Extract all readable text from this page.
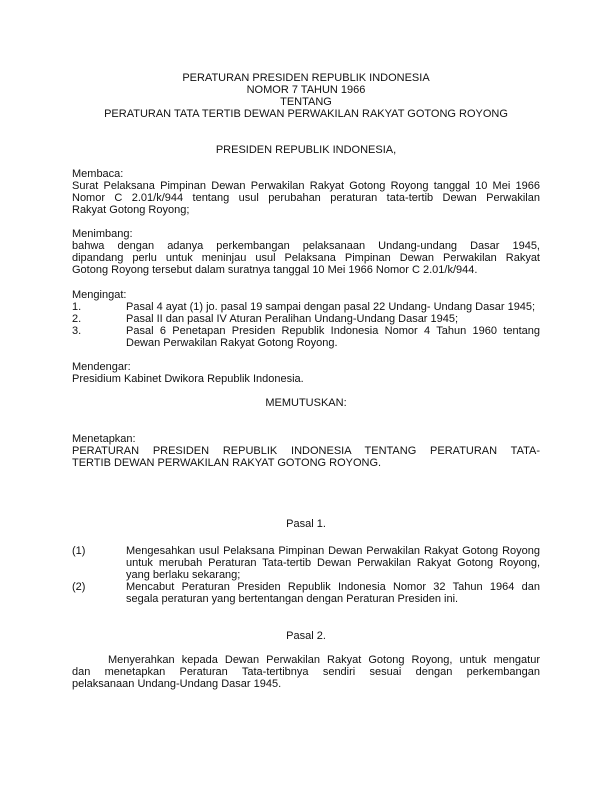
PERATURAN PRESIDEN REPUBLIK INDONESIA
NOMOR 7 TAHUN 1966
TENTANG
PERATURAN TATA TERTIB DEWAN PERWAKILAN RAKYAT GOTONG ROYONG
PRESIDEN REPUBLIK INDONESIA,
Membaca:
Surat Pelaksana Pimpinan Dewan Perwakilan Rakyat Gotong Royong tanggal 10 Mei 1966
Nomor C 2.01/k/944 tentang usul perubahan peraturan tata-tertib Dewan Perwakilan
Rakyat Gotong Royong;
Menimbang:
bahwa dengan adanya perkembangan pelaksanaan Undang-undang Dasar 1945,
dipandang perlu untuk meninjau usul Pelaksana Pimpinan Dewan Perwakilan Rakyat
Gotong Royong tersebut dalam suratnya tanggal 10 Mei 1966 Nomor C 2.01/k/944.
Mengingat:
1.	Pasal 4 ayat (1) jo. pasal 19 sampai dengan pasal 22 Undang- Undang Dasar 1945;
2.	Pasal II dan pasal IV Aturan Peralihan Undang-Undang Dasar 1945;
3.	Pasal 6 Penetapan Presiden Republik Indonesia Nomor 4 Tahun 1960 tentang
Dewan Perwakilan Rakyat Gotong Royong.
Mendengar:
Presidium Kabinet Dwikora Republik Indonesia.
MEMUTUSKAN:
Menetapkan:
PERATURAN PRESIDEN REPUBLIK INDONESIA TENTANG PERATURAN TATA-
TERTIB DEWAN PERWAKILAN RAKYAT GOTONG ROYONG.
Pasal 1.
(1)	Mengesahkan usul Pelaksana Pimpinan Dewan Perwakilan Rakyat Gotong Royong
untuk merubah Peraturan Tata-tertib Dewan Perwakilan Rakyat Gotong Royong,
yang berlaku sekarang;
(2)	Mencabut Peraturan Presiden Republik Indonesia Nomor 32 Tahun 1964 dan
segala peraturan yang bertentangan dengan Peraturan Presiden ini.
Pasal 2.
Menyerahkan kepada Dewan Perwakilan Rakyat Gotong Royong, untuk mengatur
dan menetapkan Peraturan Tata-tertibnya sendiri sesuai dengan perkembangan
pelaksanaan Undang-Undang Dasar 1945.
